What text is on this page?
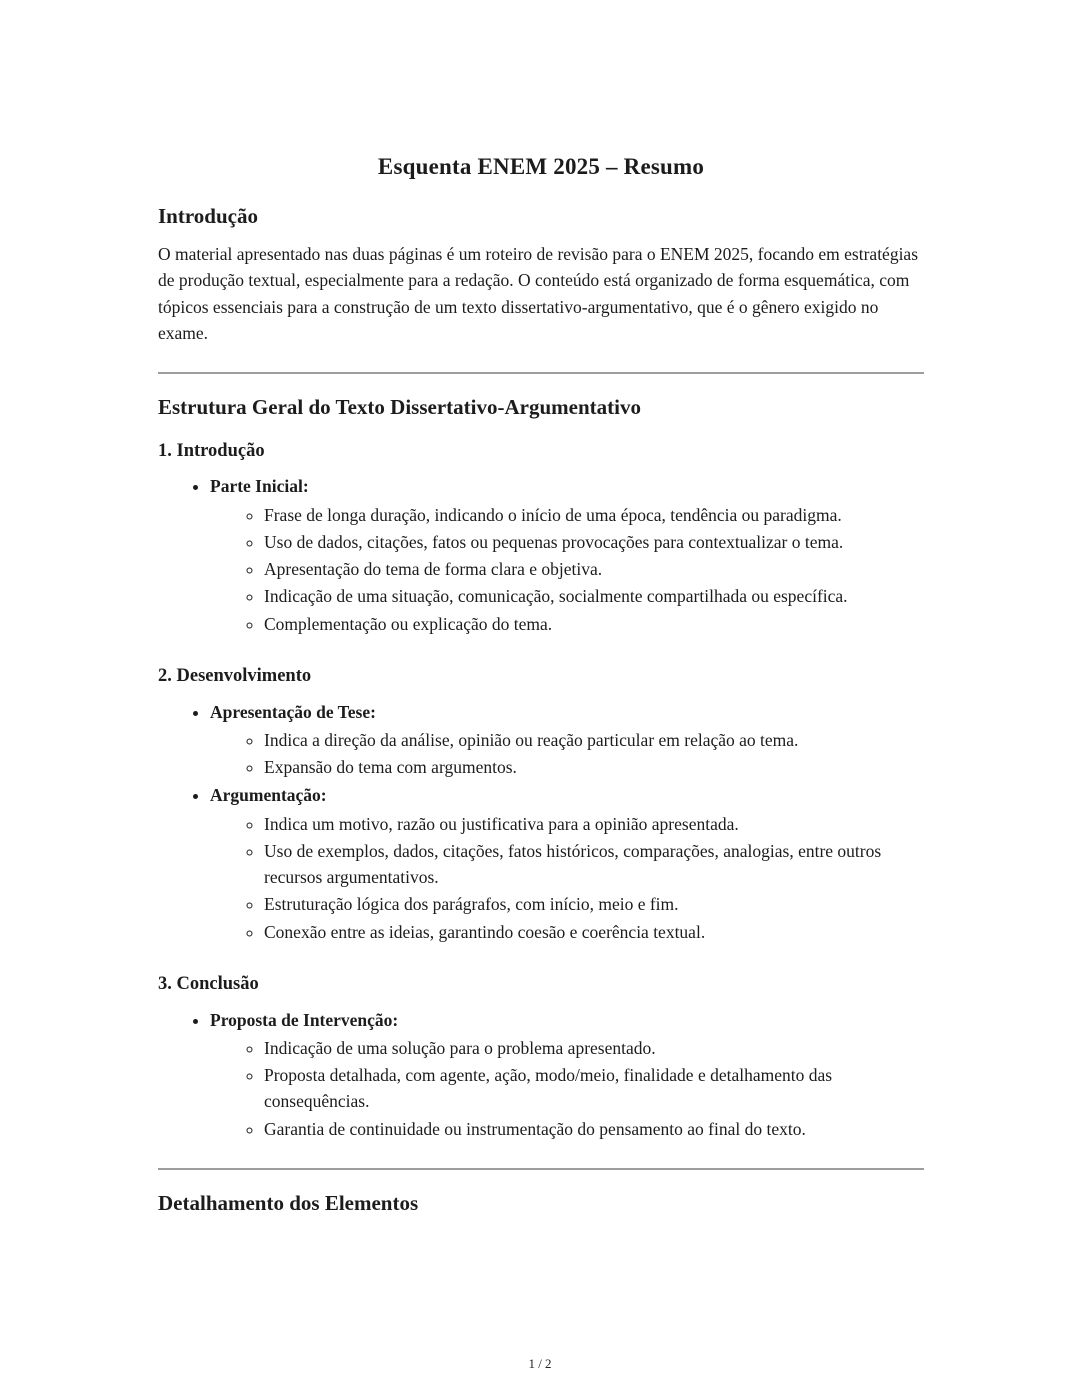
Esquenta ENEM 2025 – Resumo
Introdução

O material apresentado nas duas páginas é um roteiro de revisão para o ENEM 2025, focando em estratégias de produção textual, especialmente para a redação. O conteúdo está organizado de forma esquemática, com tópicos essenciais para a construção de um texto dissertativo-argumentativo, que é o gênero exigido no exame.

Estrutura Geral do Texto Dissertativo-Argumentativo
1. Introdução
• Parte Inicial:
◦ Frase de longa duração, indicando o início de uma época, tendência ou paradigma.
◦ Uso de dados, citações, fatos ou pequenas provocações para contextualizar o tema.
◦ Apresentação do tema de forma clara e objetiva.
◦ Indicação de uma situação, comunicação, socialmente compartilhada ou específica.
◦ Complementação ou explicação do tema.
2. Desenvolvimento
• Apresentação de Tese:
◦ Indica a direção da análise, opinião ou reação particular em relação ao tema.
◦ Expansão do tema com argumentos.
• Argumentação:
◦ Indica um motivo, razão ou justificativa para a opinião apresentada.
◦ Uso de exemplos, dados, citações, fatos históricos, comparações, analogias, entre outros recursos argumentativos.
◦ Estruturação lógica dos parágrafos, com início, meio e fim.
◦ Conexão entre as ideias, garantindo coesão e coerência textual.
3. Conclusão
• Proposta de Intervenção:
◦ Indicação de uma solução para o problema apresentado.
◦ Proposta detalhada, com agente, ação, modo/meio, finalidade e detalhamento das consequências.
◦ Garantia de continuidade ou instrumentação do pensamento ao final do texto.
Detalhamento dos Elementos
1 / 2
